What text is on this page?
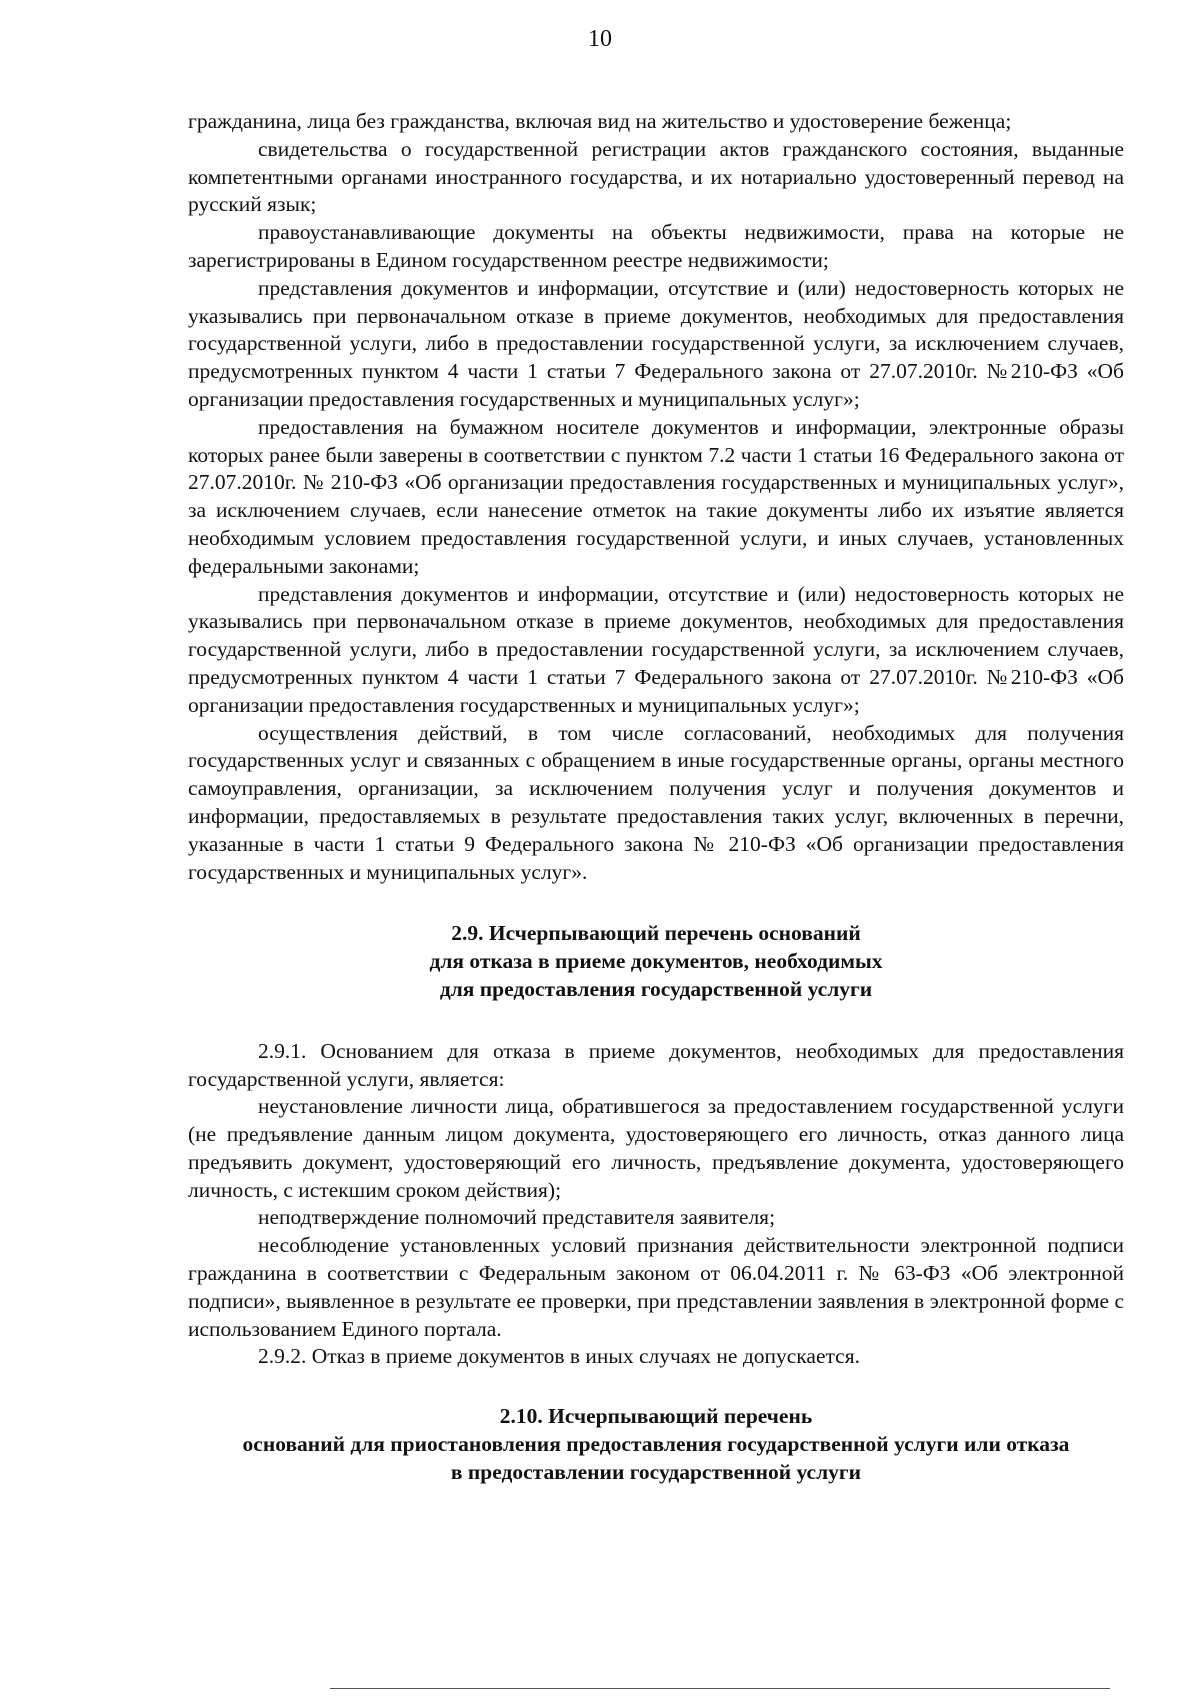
10

гражданина, лица без гражданства, включая вид на жительство и удостоверение беженца;

свидетельства о государственной регистрации актов гражданского состояния, выданные компетентными органами иностранного государства, и их нотариально удостоверенный перевод на русский язык;

правоустанавливающие документы на объекты недвижимости, права на которые не зарегистрированы в Едином государственном реестре недвижимости;

представления документов и информации, отсутствие и (или) недостоверность которых не указывались при первоначальном отказе в приеме документов, необходимых для предоставления государственной услуги, либо в предоставлении государственной услуги, за исключением случаев, предусмотренных пунктом 4 части 1 статьи 7 Федерального закона от 27.07.2010г. №210-ФЗ «Об организации предоставления государственных и муниципальных услуг»;

предоставления на бумажном носителе документов и информации, электронные образы которых ранее были заверены в соответствии с пунктом 7.2 части 1 статьи 16 Федерального закона от 27.07.2010г. № 210-ФЗ «Об организации предоставления государственных и муниципальных услуг», за исключением случаев, если нанесение отметок на такие документы либо их изъятие является необходимым условием предоставления государственной услуги, и иных случаев, установленных федеральными законами;

представления документов и информации, отсутствие и (или) недостоверность которых не указывались при первоначальном отказе в приеме документов, необходимых для предоставления государственной услуги, либо в предоставлении государственной услуги, за исключением случаев, предусмотренных пунктом 4 части 1 статьи 7 Федерального закона от 27.07.2010г. №210-ФЗ «Об организации предоставления государственных и муниципальных услуг»;

осуществления действий, в том числе согласований, необходимых для получения государственных услуг и связанных с обращением в иные государственные органы, органы местного самоуправления, организации, за исключением получения услуг и получения документов и информации, предоставляемых в результате предоставления таких услуг, включенных в перечни, указанные в части 1 статьи 9 Федерального закона № 210-ФЗ «Об организации предоставления государственных и муниципальных услуг».

2.9. Исчерпывающий перечень оснований
для отказа в приеме документов, необходимых
для предоставления государственной услуги

2.9.1. Основанием для отказа в приеме документов, необходимых для предоставления государственной услуги, является:

неустановление личности лица, обратившегося за предоставлением государственной услуги (не предъявление данным лицом документа, удостоверяющего его личность, отказ данного лица предъявить документ, удостоверяющий его личность, предъявление документа, удостоверяющего личность, с истекшим сроком действия);

неподтверждение полномочий представителя заявителя;

несоблюдение установленных условий признания действительности электронной подписи гражданина в соответствии с Федеральным законом от 06.04.2011 г. № 63-ФЗ «Об электронной подписи», выявленное в результате ее проверки, при представлении заявления в электронной форме с использованием Единого портала.

2.9.2. Отказ в приеме документов в иных случаях не допускается.

2.10. Исчерпывающий перечень
оснований для приостановления предоставления государственной услуги или отказа
в предоставлении государственной услуги
